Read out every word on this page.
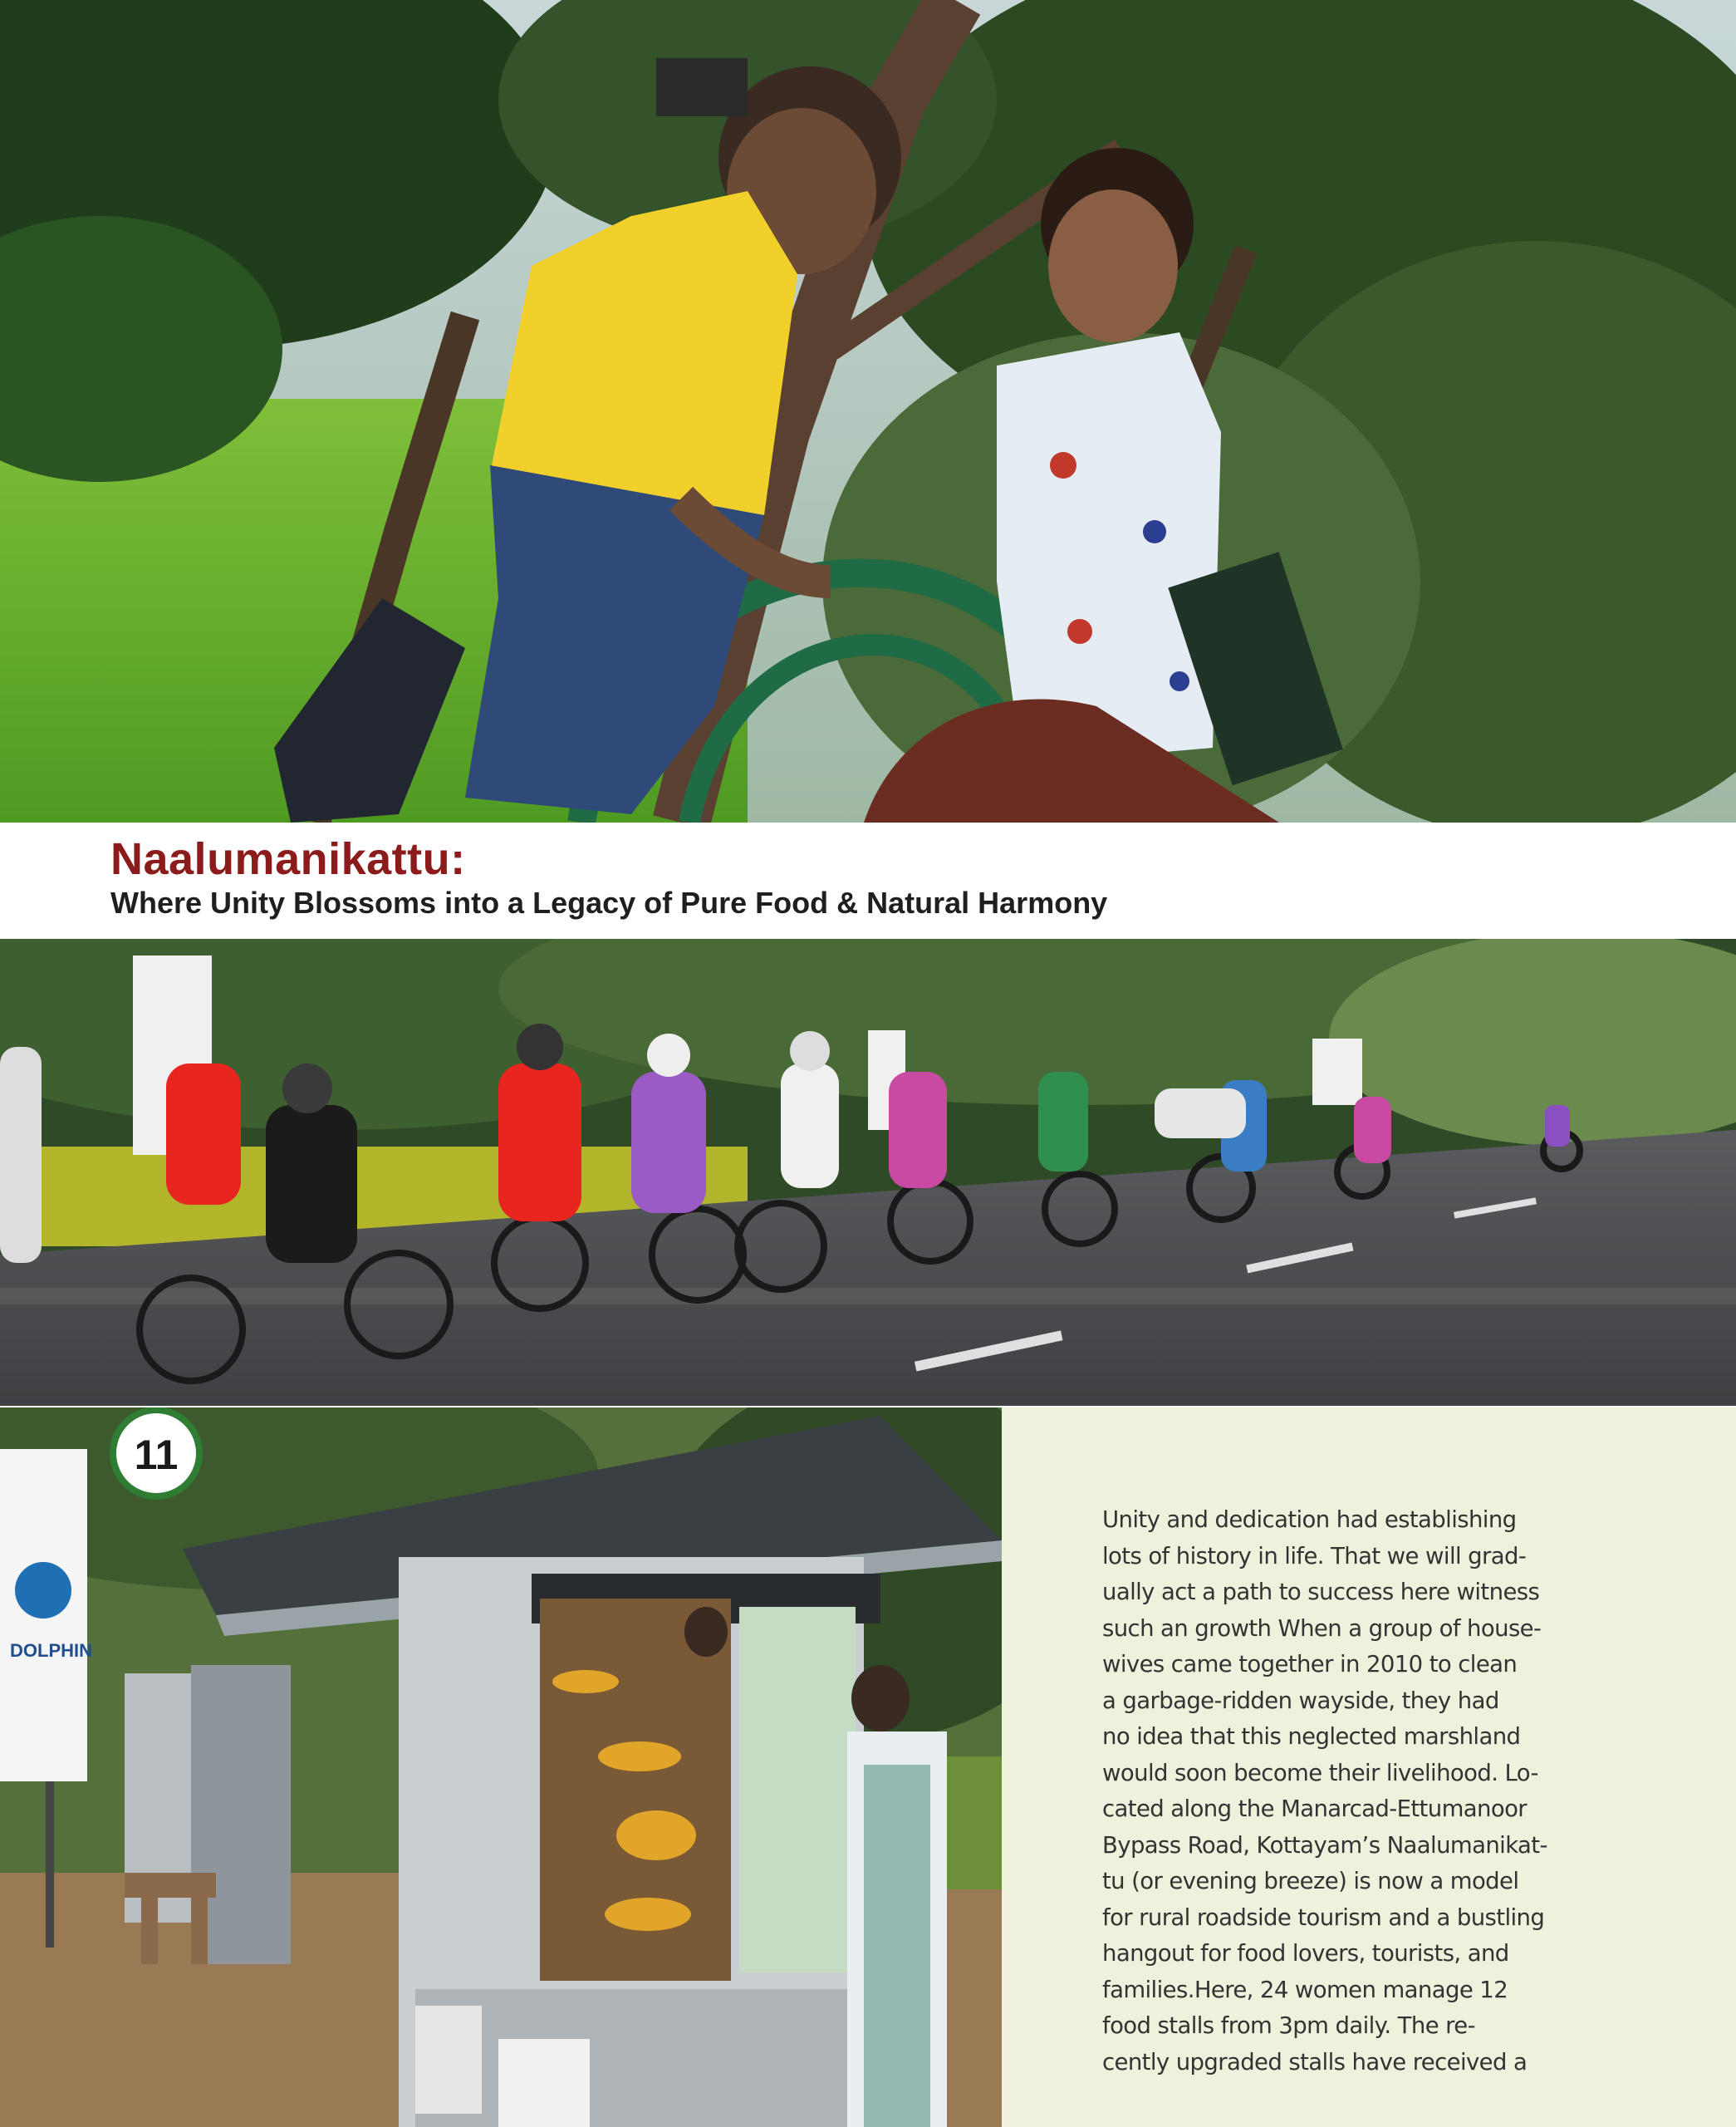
Naalumanikattu:
Where Unity Blossoms into a Legacy of Pure Food & Natural Harmony
DOLPHIN
11

Unity and dedication had establishing
lots of history in life. That we will grad-
ually act a path to success here witness
such an growth When a group of house-
wives came together in 2010 to clean
a garbage-ridden wayside, they had
no idea that this neglected marshland
would soon become their livelihood. Lo-
cated along the Manarcad-Ettumanoor
Bypass Road, Kottayam’s Naalumanikat-
tu (or evening breeze) is now a model
for rural roadside tourism and a bustling
hangout for food lovers, tourists, and
families.Here, 24 women manage 12
food stalls from 3pm daily. The re-
cently upgraded stalls have received a
